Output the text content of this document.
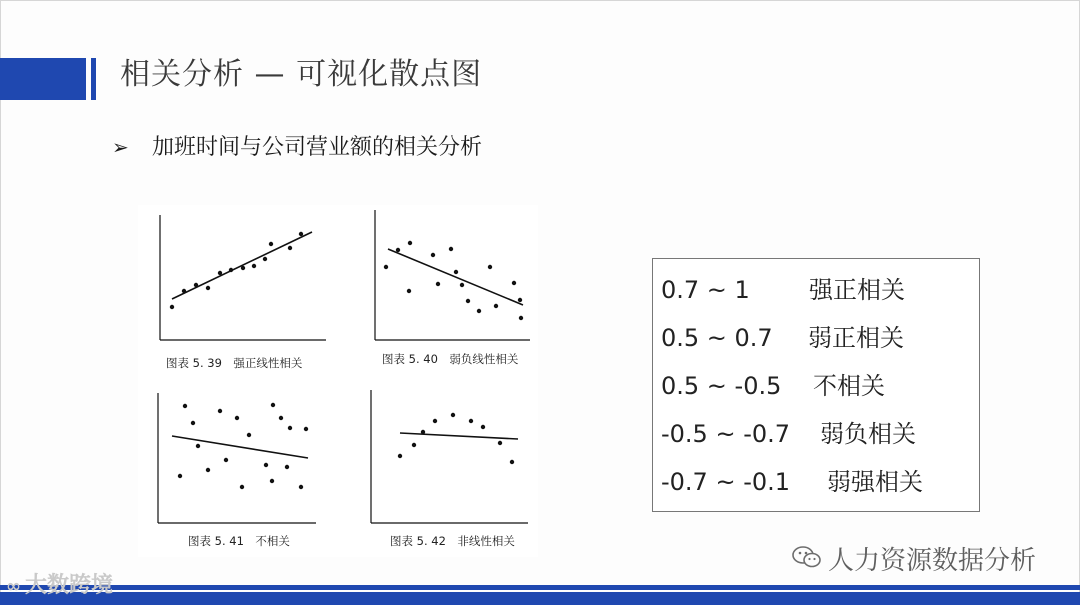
相关分析 — 可视化散点图
➢ 加班时间与公司营业额的相关分析
图表 5. 39　强正线性相关	图表 5. 40　弱负线性相关
图表 5. 41　不相关	图表 5. 42　非线性相关
0.7 ~ 1 强正相关
0.5 ~ 0.7 弱正相关
0.5 ~ -0.5 不相关
-0.5 ~ -0.7 弱负相关
-0.7 ~ -0.1 弱强相关
人力资源数据分析
∞ 大数跨境
